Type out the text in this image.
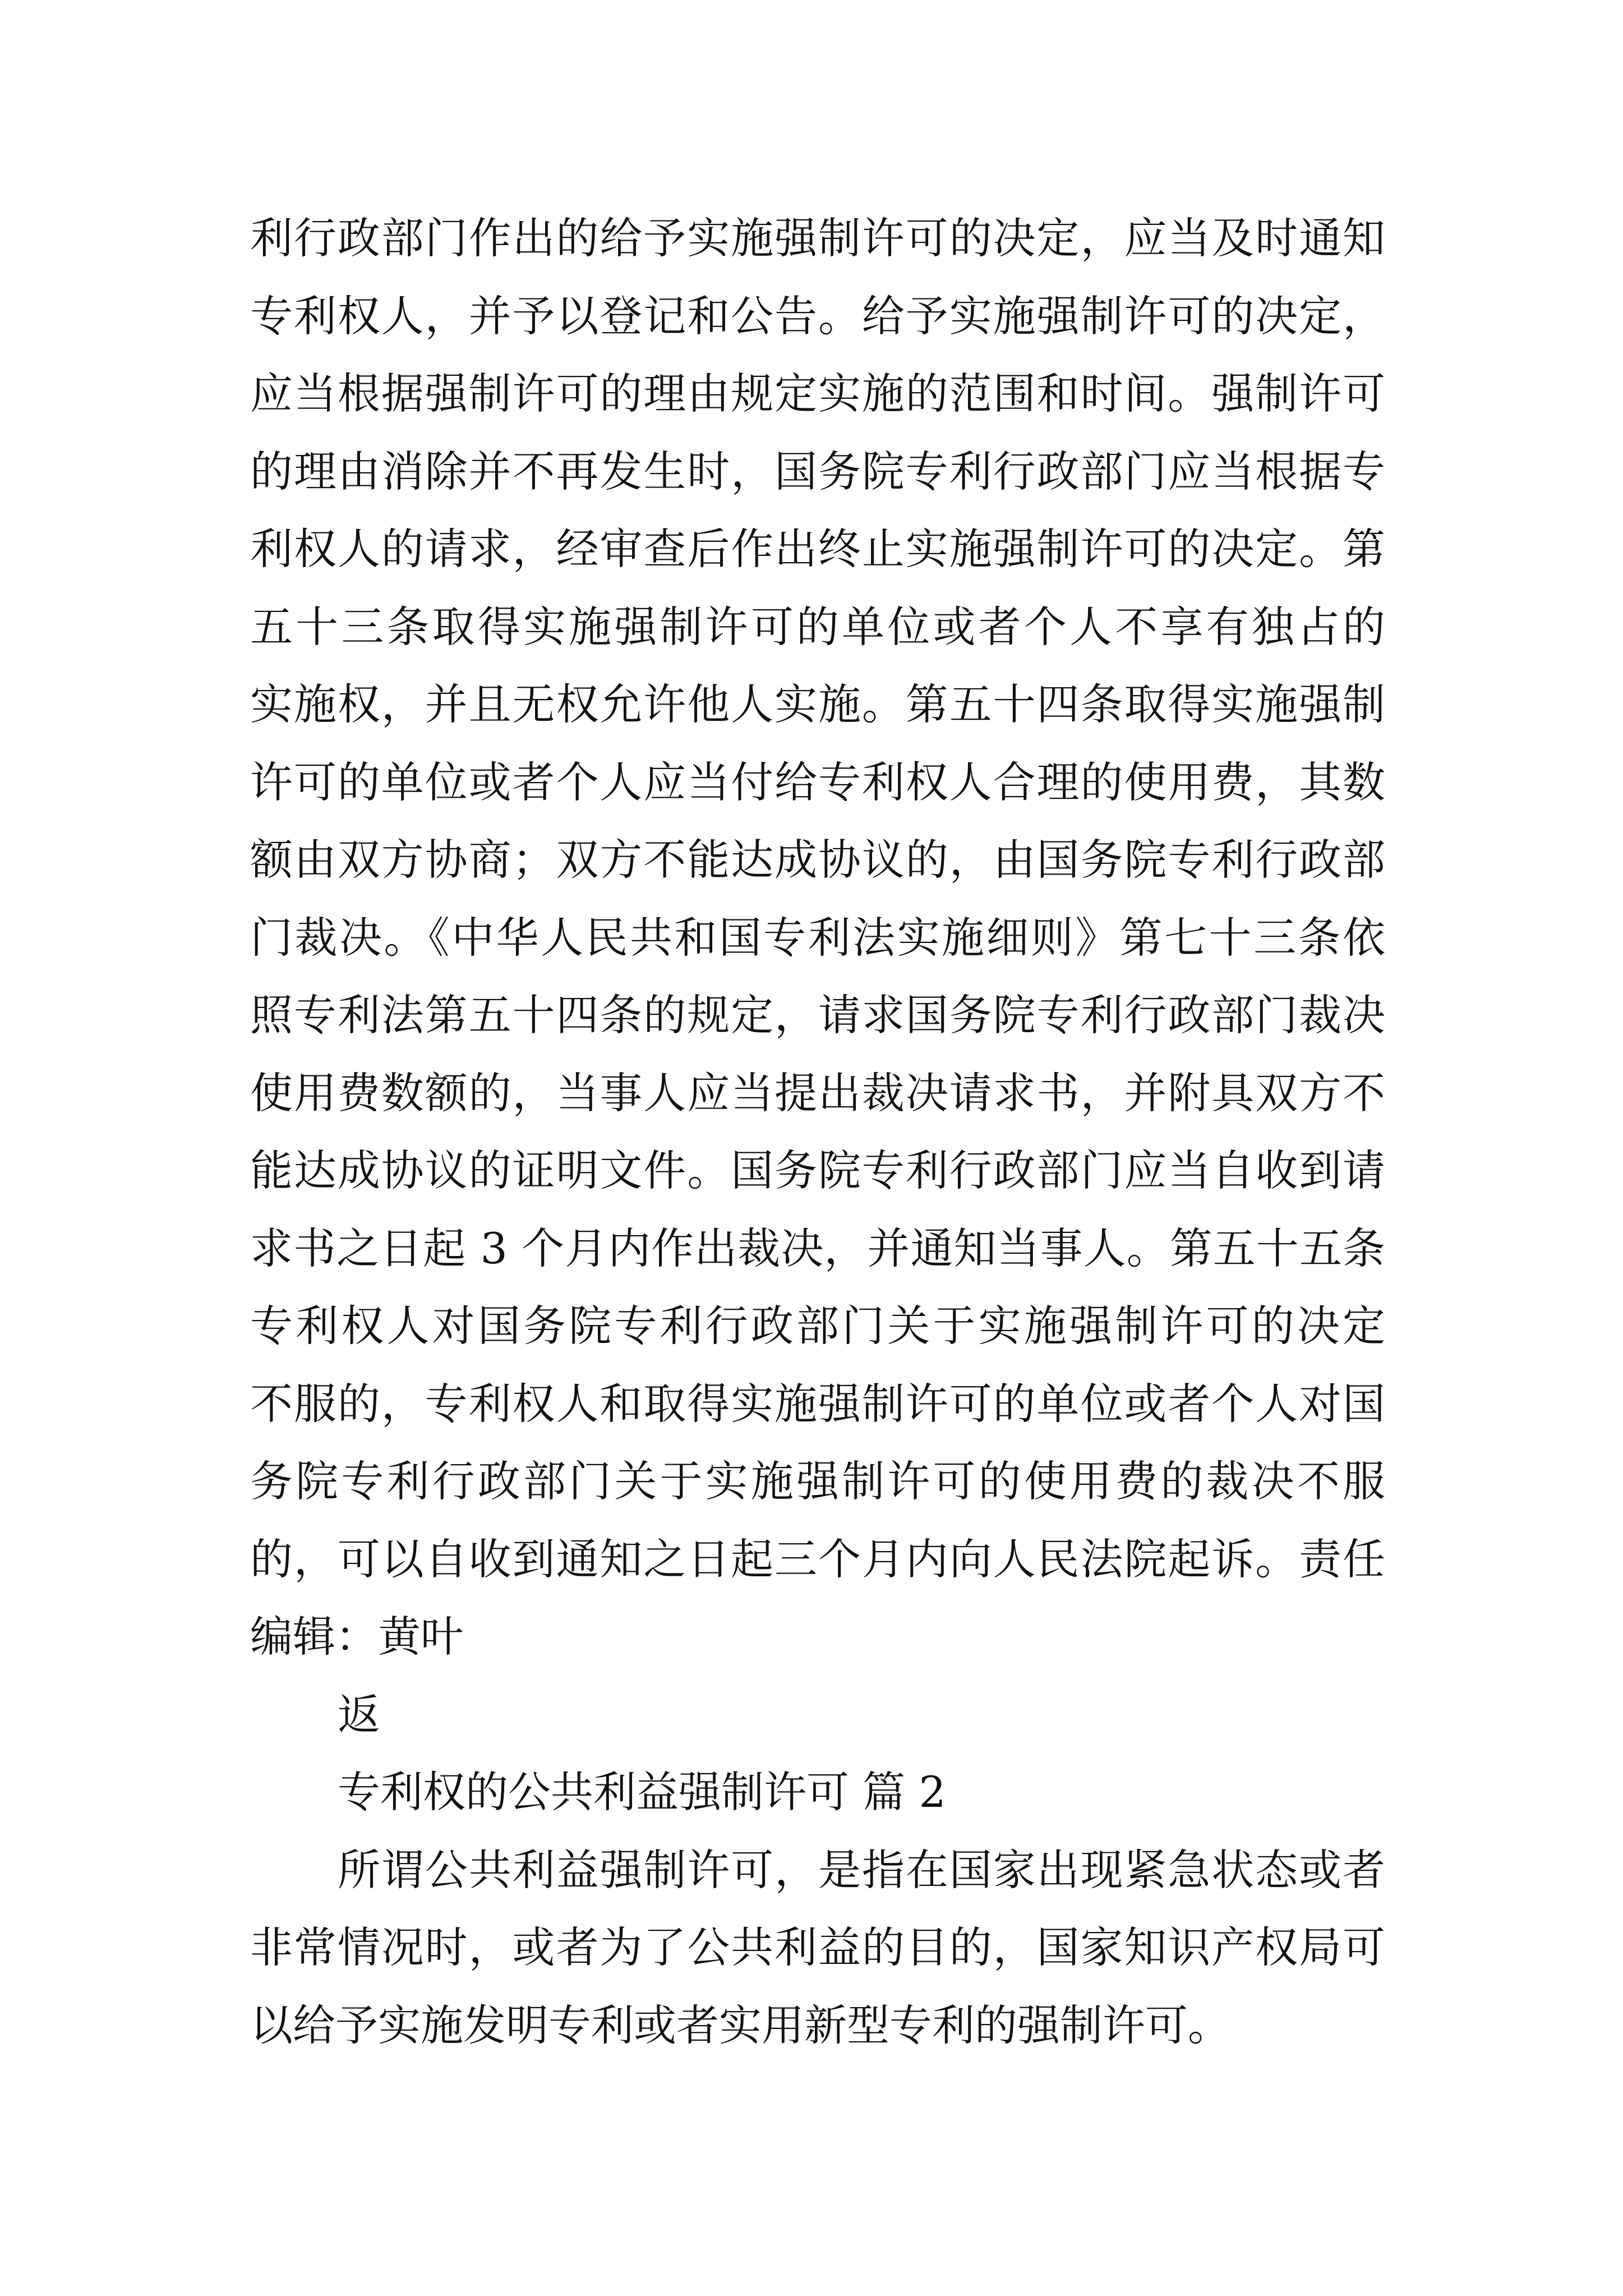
利行政部门作出的给予实施强制许可的决定，应当及时通知
专利权人，并予以登记和公告。给予实施强制许可的决定，
应当根据强制许可的理由规定实施的范围和时间。强制许可
的理由消除并不再发生时，国务院专利行政部门应当根据专
利权人的请求，经审查后作出终止实施强制许可的决定。第
五十三条取得实施强制许可的单位或者个人不享有独占的
实施权，并且无权允许他人实施。第五十四条取得实施强制
许可的单位或者个人应当付给专利权人合理的使用费，其数
额由双方协商；双方不能达成协议的，由国务院专利行政部
门裁决。《中华人民共和国专利法实施细则》第七十三条依
照专利法第五十四条的规定，请求国务院专利行政部门裁决
使用费数额的，当事人应当提出裁决请求书，并附具双方不
能达成协议的证明文件。国务院专利行政部门应当自收到请
求书之日起 3 个月内作出裁决，并通知当事人。第五十五条
专利权人对国务院专利行政部门关于实施强制许可的决定
不服的，专利权人和取得实施强制许可的单位或者个人对国
务院专利行政部门关于实施强制许可的使用费的裁决不服
的，可以自收到通知之日起三个月内向人民法院起诉。责任
编辑：黄叶
返
专利权的公共利益强制许可 篇 2
所谓公共利益强制许可，是指在国家出现紧急状态或者
非常情况时，或者为了公共利益的目的，国家知识产权局可
以给予实施发明专利或者实用新型专利的强制许可。
